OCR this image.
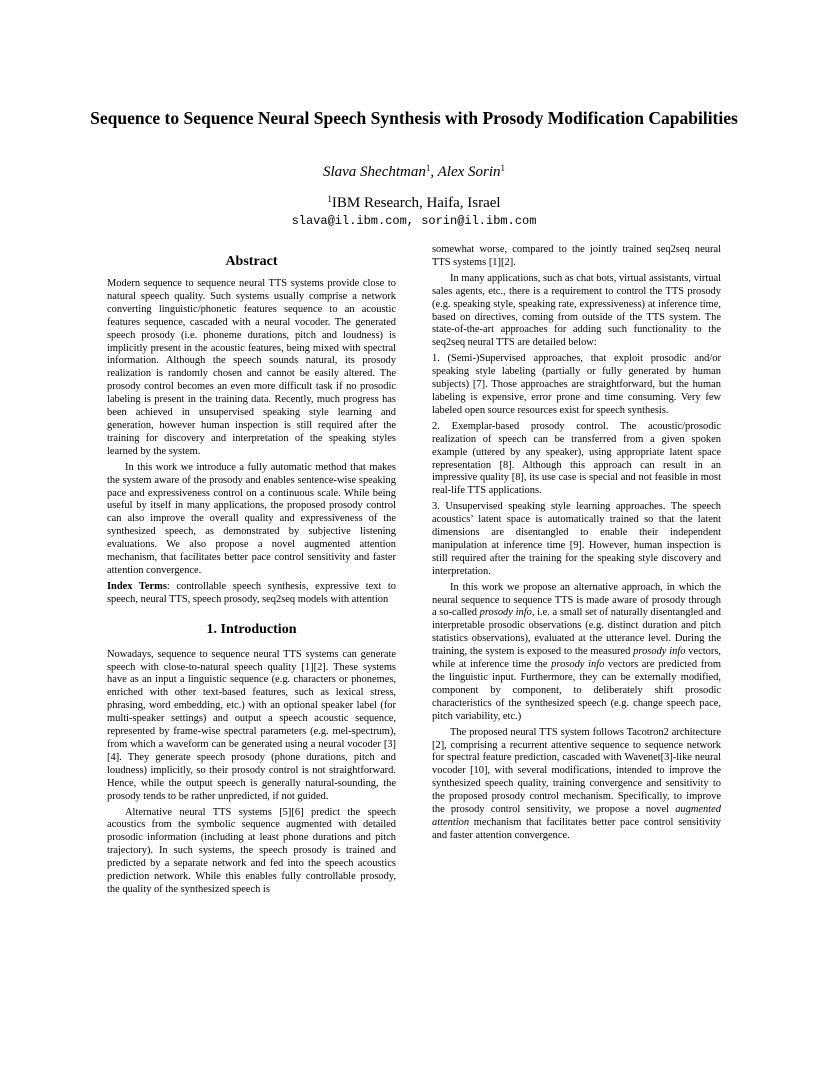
Sequence to Sequence Neural Speech Synthesis with Prosody Modification Capabilities
Slava Shechtman$^1$, Alex Sorin$^1$
$^1$IBM Research, Haifa, Israel
slava@il.ibm.com, sorin@il.ibm.com

Abstract

Modern sequence to sequence neural TTS systems provide close to natural speech quality. Such systems usually comprise a network converting linguistic/phonetic features sequence to an acoustic features sequence, cascaded with a neural vocoder. The generated speech prosody (i.e. phoneme durations, pitch and loudness) is implicitly present in the acoustic features, being mixed with spectral information. Although the speech sounds natural, its prosody realization is randomly chosen and cannot be easily altered. The prosody control becomes an even more difficult task if no prosodic labeling is present in the training data. Recently, much progress has been achieved in unsupervised speaking style learning and generation, however human inspection is still required after the training for discovery and interpretation of the speaking styles learned by the system.

In this work we introduce a fully automatic method that makes the system aware of the prosody and enables sentence-wise speaking pace and expressiveness control on a continuous scale. While being useful by itself in many applications, the proposed prosody control can also improve the overall quality and expressiveness of the synthesized speech, as demonstrated by subjective listening evaluations. We also propose a novel augmented attention mechanism, that facilitates better pace control sensitivity and faster attention convergence.

Index Terms: controllable speech synthesis, expressive text to speech, neural TTS, speech prosody, seq2seq models with attention

1. Introduction

Nowadays, sequence to sequence neural TTS systems can generate speech with close-to-natural speech quality [1][2]. These systems have as an input a linguistic sequence (e.g. characters or phonemes, enriched with other text-based features, such as lexical stress, phrasing, word embedding, etc.) with an optional speaker label (for multi-speaker settings) and output a speech acoustic sequence, represented by frame-wise spectral parameters (e.g. mel-spectrum), from which a waveform can be generated using a neural vocoder [3][4]. They generate speech prosody (phone durations, pitch and loudness) implicitly, so their prosody control is not straightforward. Hence, while the output speech is generally natural-sounding, the prosody tends to be rather unpredicted, if not guided.

Alternative neural TTS systems [5][6] predict the speech acoustics from the symbolic sequence augmented with detailed prosodic information (including at least phone durations and pitch trajectory). In such systems, the speech prosody is trained and predicted by a separate network and fed into the speech acoustics prediction network. While this enables fully controllable prosody, the quality of the synthesized speech is

somewhat worse, compared to the jointly trained seq2seq neural TTS systems [1][2].

In many applications, such as chat bots, virtual assistants, virtual sales agents, etc., there is a requirement to control the TTS prosody (e.g. speaking style, speaking rate, expressiveness) at inference time, based on directives, coming from outside of the TTS system. The state-of-the-art approaches for adding such functionality to the seq2seq neural TTS are detailed below:

1. (Semi-)Supervised approaches, that exploit prosodic and/or speaking style labeling (partially or fully generated by human subjects) [7]. Those approaches are straightforward, but the human labeling is expensive, error prone and time consuming. Very few labeled open source resources exist for speech synthesis.

2. Exemplar-based prosody control. The acoustic/prosodic realization of speech can be transferred from a given spoken example (uttered by any speaker), using appropriate latent space representation [8]. Although this approach can result in an impressive quality [8], its use case is special and not feasible in most real-life TTS applications.

3. Unsupervised speaking style learning approaches. The speech acoustics’ latent space is automatically trained so that the latent dimensions are disentangled to enable their independent manipulation at inference time [9]. However, human inspection is still required after the training for the speaking style discovery and interpretation.

In this work we propose an alternative approach, in which the neural sequence to sequence TTS is made aware of prosody through a so-called prosody info, i.e. a small set of naturally disentangled and interpretable prosodic observations (e.g. distinct duration and pitch statistics observations), evaluated at the utterance level. During the training, the system is exposed to the measured prosody info vectors, while at inference time the prosody info vectors are predicted from the linguistic input. Furthermore, they can be externally modified, component by component, to deliberately shift prosodic characteristics of the synthesized speech (e.g. change speech pace, pitch variability, etc.)

The proposed neural TTS system follows Tacotron2 architecture [2], comprising a recurrent attentive sequence to sequence network for spectral feature prediction, cascaded with Wavenet[3]-like neural vocoder [10], with several modifications, intended to improve the synthesized speech quality, training convergence and sensitivity to the proposed prosody control mechanism. Specifically, to improve the prosody control sensitivity, we propose a novel augmented attention mechanism that facilitates better pace control sensitivity and faster attention convergence.
